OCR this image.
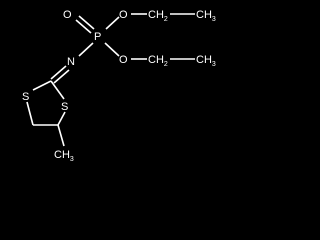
O
P
O
O
N
S
S
$CH_2$	$CH_3$
$CH_2$	$CH_3$
$CH_3$
